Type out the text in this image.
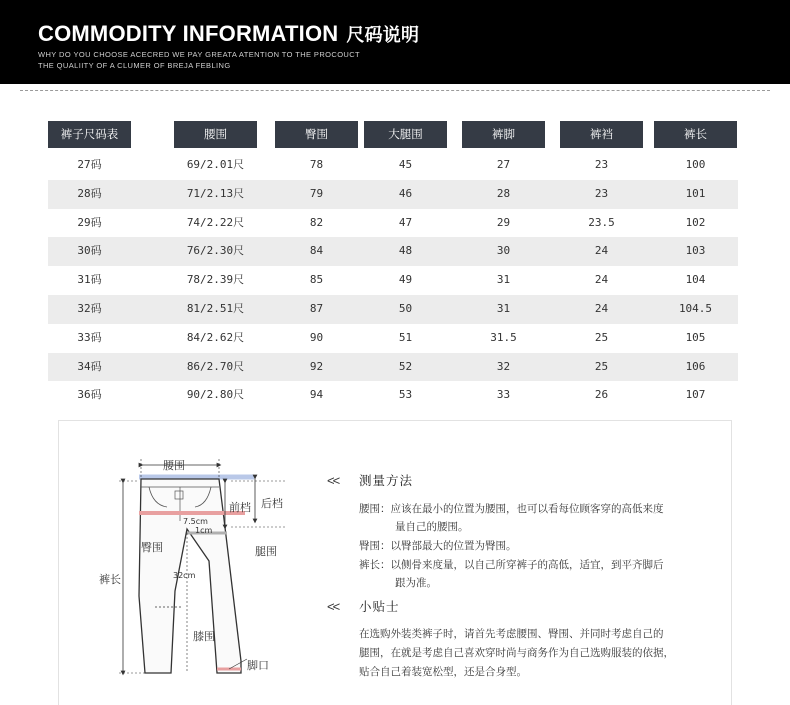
COMMODITY INFORMATION 尺码说明
WHY DO YOU CHOOSE ACECRED WE PAY GREATA ATENTION TO THE PROCOUCT
THE QUALIITY OF A CLUMER OF BREJA FEBLING
裤子尺码表	腰围	臀围	大腿围	裤脚	裤裆	裤长
27码	69/2.01尺	78	45	27	23	100
28码	71/2.13尺	79	46	28	23	101
29码	74/2.22尺	82	47	29	23.5	102
30码	76/2.30尺	84	48	30	24	103
31码	78/2.39尺	85	49	31	24	104
32码	81/2.51尺	87	50	31	24	104.5
33码	84/2.62尺	90	51	31.5	25	105
34码	86/2.70尺	92	52	32	25	106
36码	90/2.80尺	94	53	33	26	107
腰围
前档 后档
7.5cm
1cm
臀围	腿围
裤长	32cm
膝围
脚口
<< 测量方法
腰围：应该在最小的位置为腰围，也可以看每位顾客穿的高低来度
量自己的腰围。
臀围：以臀部最大的位置为臀围。
裤长：以侧骨来度量，以自己所穿裤子的高低，适宜，到平齐脚后
跟为准。
<< 小贴士
在选购外装类裤子时，请首先考虑腰围、臀围、并同时考虑自己的
腿围，在就是考虑自己喜欢穿时尚与商务作为自己选购服装的依据，
贴合自己着装宽松型，还是合身型。
